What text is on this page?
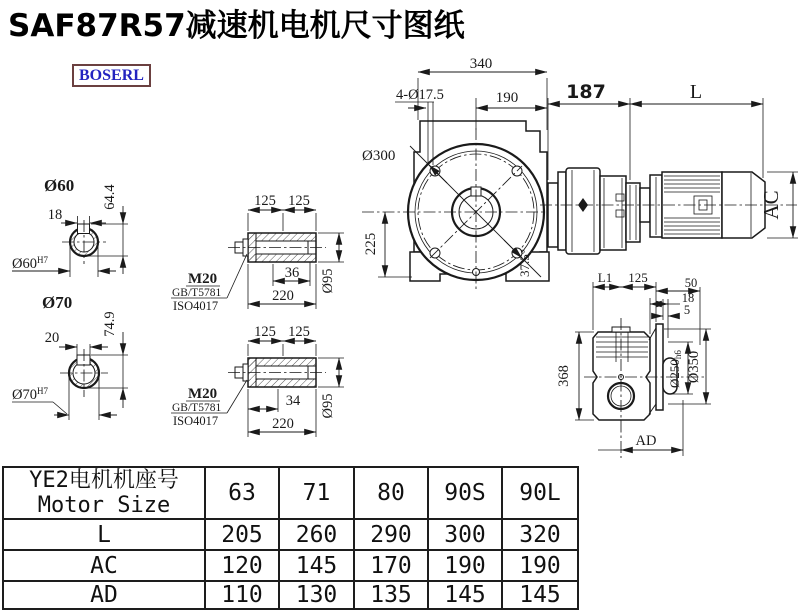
SAF87R57减速机电机尺寸图纸
BOSERL
340
190
4-Ø17.5
225
Ø300
37.5°
187	L
AC
L1 125	50
18
5
368	Ø250h6 Ø350
AD
125 125
36
220
Ø95
M20
GB/T5781
ISO4017
125 125
34
220
Ø95
M20
GB/T5781
ISO4017
Ø60
18
64.4
$Ø60^{H7}$
Ø70
20
74.9
$Ø70^{H7}$
YE2电机机座号
Motor Size	63	71	80	90S	90L
L	205	260	290	300	320
AC	120	145	170	190	190
AD	110	130	135	145	145
